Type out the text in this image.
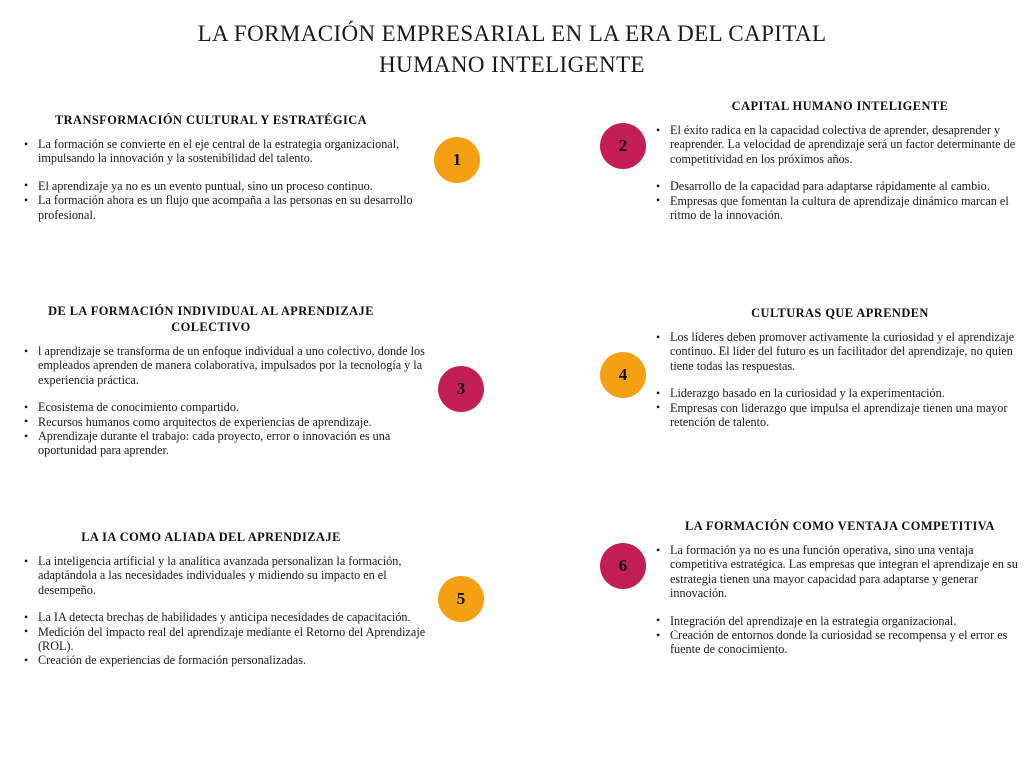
LA FORMACIÓN EMPRESARIAL EN LA ERA DEL CAPITAL
HUMANO INTELIGENTE
TRANSFORMACIÓN CULTURAL Y ESTRATÉGICA
• La formación se convierte en el eje central de la estrategia organizacional, impulsando la innovación y la sostenibilidad del talento.
• El aprendizaje ya no es un evento puntual, sino un proceso continuo.
• La formación ahora es un flujo que acompaña a las personas en su desarrollo profesional.
1
CAPITAL HUMANO INTELIGENTE
2
• El éxito radica en la capacidad colectiva de aprender, desaprender y reaprender. La velocidad de aprendizaje será un factor determinante de competitividad en los próximos años.
• Desarrollo de la capacidad para adaptarse rápidamente al cambio.
• Empresas que fomentan la cultura de aprendizaje dinámico marcan el ritmo de la innovación.
DE LA FORMACIÓN INDIVIDUAL AL APRENDIZAJE COLECTIVO
• l aprendizaje se transforma de un enfoque individual a uno colectivo, donde los empleados aprenden de manera colaborativa, impulsados por la tecnología y la experiencia práctica.
• Ecosistema de conocimiento compartido.
• Recursos humanos como arquitectos de experiencias de aprendizaje.
• Aprendizaje durante el trabajo: cada proyecto, error o innovación es una oportunidad para aprender.
3
CULTURAS QUE APRENDEN
4
• Los líderes deben promover activamente la curiosidad y el aprendizaje continuo. El líder del futuro es un facilitador del aprendizaje, no quien tiene todas las respuestas.
• Liderazgo basado en la curiosidad y la experimentación.
• Empresas con liderazgo que impulsa el aprendizaje tienen una mayor retención de talento.
LA IA COMO ALIADA DEL APRENDIZAJE
• La inteligencia artificial y la analítica avanzada personalizan la formación, adaptándola a las necesidades individuales y midiendo su impacto en el desempeño.
• La IA detecta brechas de habilidades y anticipa necesidades de capacitación.
• Medición del impacto real del aprendizaje mediante el Retorno del Aprendizaje (ROL).
• Creación de experiencias de formación personalizadas.
5
LA FORMACIÓN COMO VENTAJA COMPETITIVA
6
• La formación ya no es una función operativa, sino una ventaja competitiva estratégica. Las empresas que integran el aprendizaje en su estrategia tienen una mayor capacidad para adaptarse y generar innovación.
• Integración del aprendizaje en la estrategia organizacional.
• Creación de entornos donde la curiosidad se recompensa y el error es fuente de conocimiento.
